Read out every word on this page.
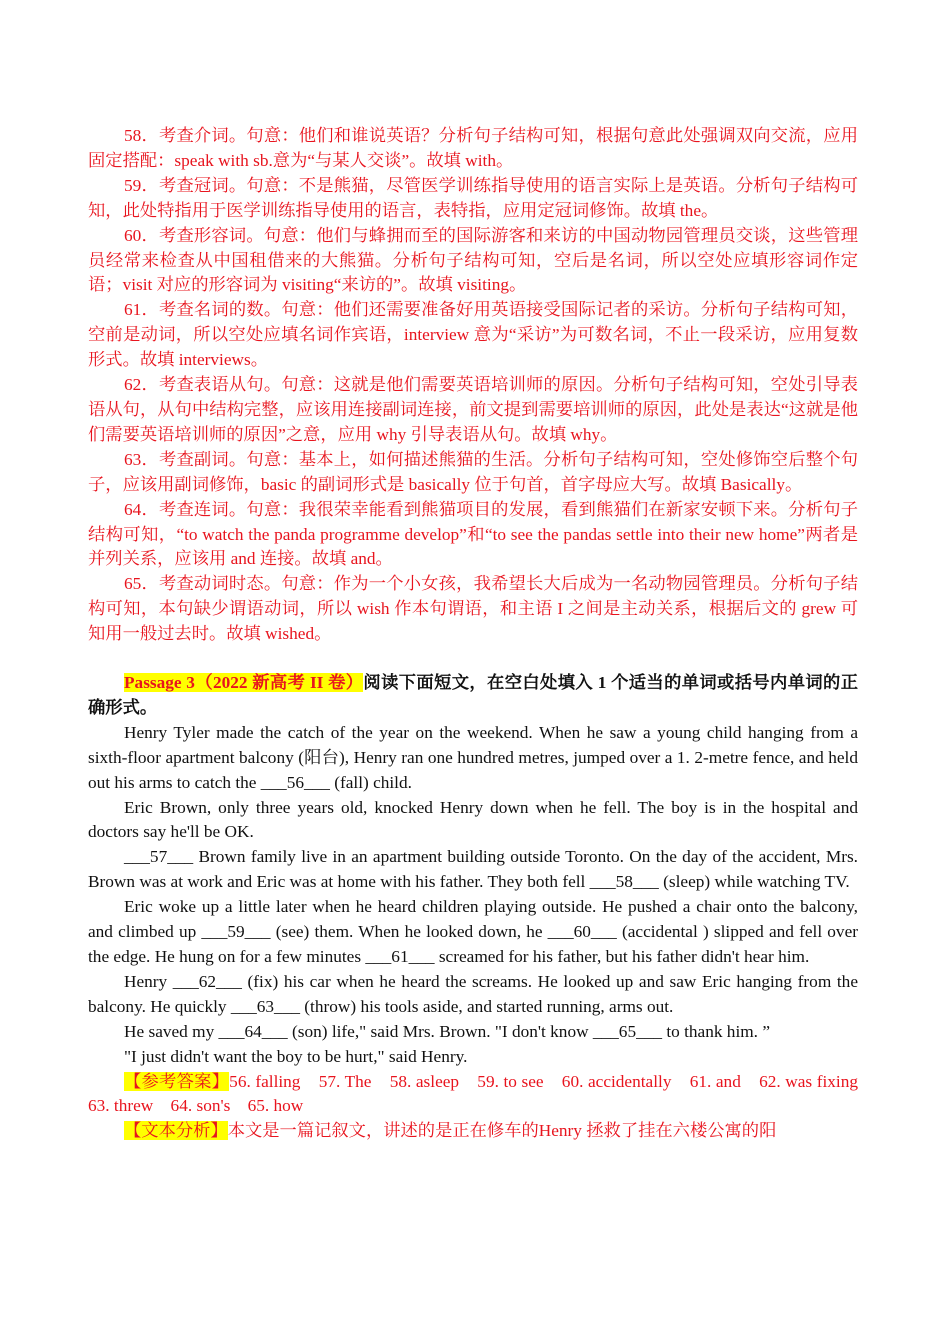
58．考查介词。句意：他们和谁说英语？分析句子结构可知，根据句意此处强调双向交流，应用固定搭配：speak with sb.意为“与某人交谈”。故填 with。

59．考查冠词。句意：不是熊猫，尽管医学训练指导使用的语言实际上是英语。分析句子结构可知，此处特指用于医学训练指导使用的语言，表特指，应用定冠词修饰。故填 the。

60．考查形容词。句意：他们与蜂拥而至的国际游客和来访的中国动物园管理员交谈，这些管理员经常来检查从中国租借来的大熊猫。分析句子结构可知，空后是名词，所以空处应填形容词作定语；visit 对应的形容词为 visiting“来访的”。故填 visiting。

61．考查名词的数。句意：他们还需要准备好用英语接受国际记者的采访。分析句子结构可知，空前是动词，所以空处应填名词作宾语，interview 意为“采访”为可数名词，不止一段采访，应用复数形式。故填 interviews。

62．考查表语从句。句意：这就是他们需要英语培训师的原因。分析句子结构可知，空处引导表语从句，从句中结构完整，应该用连接副词连接，前文提到需要培训师的原因，此处是表达“这就是他们需要英语培训师的原因”之意，应用 why 引导表语从句。故填 why。

63．考查副词。句意：基本上，如何描述熊猫的生活。分析句子结构可知，空处修饰空后整个句子，应该用副词修饰，basic 的副词形式是 basically 位于句首，首字母应大写。故填 Basically。

64．考查连词。句意：我很荣幸能看到熊猫项目的发展，看到熊猫们在新家安顿下来。分析句子结构可知，“to watch the panda programme develop”和“to see the pandas settle into their new home”两者是并列关系，应该用 and 连接。故填 and。

65．考查动词时态。句意：作为一个小女孩，我希望长大后成为一名动物园管理员。分析句子结构可知，本句缺少谓语动词，所以 wish 作本句谓语，和主语 I 之间是主动关系，根据后文的 grew 可知用一般过去时。故填 wished。

Passage 3（2022 新高考 II 卷）阅读下面短文，在空白处填入 1 个适当的单词或括号内单词的正确形式。

Henry Tyler made the catch of the year on the weekend. When he saw a young child hanging from a sixth-floor apartment balcony (阳台), Henry ran one hundred metres, jumped over a 1. 2-metre fence, and held out his arms to catch the ___56___ (fall) child.

Eric Brown, only three years old, knocked Henry down when he fell. The boy is in the hospital and doctors say he'll be OK.

___57___ Brown family live in an apartment building outside Toronto. On the day of the accident, Mrs. Brown was at work and Eric was at home with his father. They both fell ___58___ (sleep) while watching TV.

Eric woke up a little later when he heard children playing outside. He pushed a chair onto the balcony, and climbed up ___59___ (see) them. When he looked down, he ___60___ (accidental ) slipped and fell over the edge. He hung on for a few minutes ___61___ screamed for his father, but his father didn't hear him.

Henry ___62___ (fix) his car when he heard the screams. He looked up and saw Eric hanging from the balcony. He quickly ___63___ (throw) his tools aside, and started running, arms out.

He saved my ___64___ (son) life," said Mrs. Brown. "I don't know ___65___ to thank him. ”

"I just didn't want the boy to be hurt," said Henry.

【参考答案】56. falling    57. The    58. asleep    59. to see    60. accidentally    61. and    62. was fixing    63. threw    64. son's    65. how

【文本分析】本文是一篇记叙文，讲述的是正在修车的Henry 拯救了挂在六楼公寓的阳
